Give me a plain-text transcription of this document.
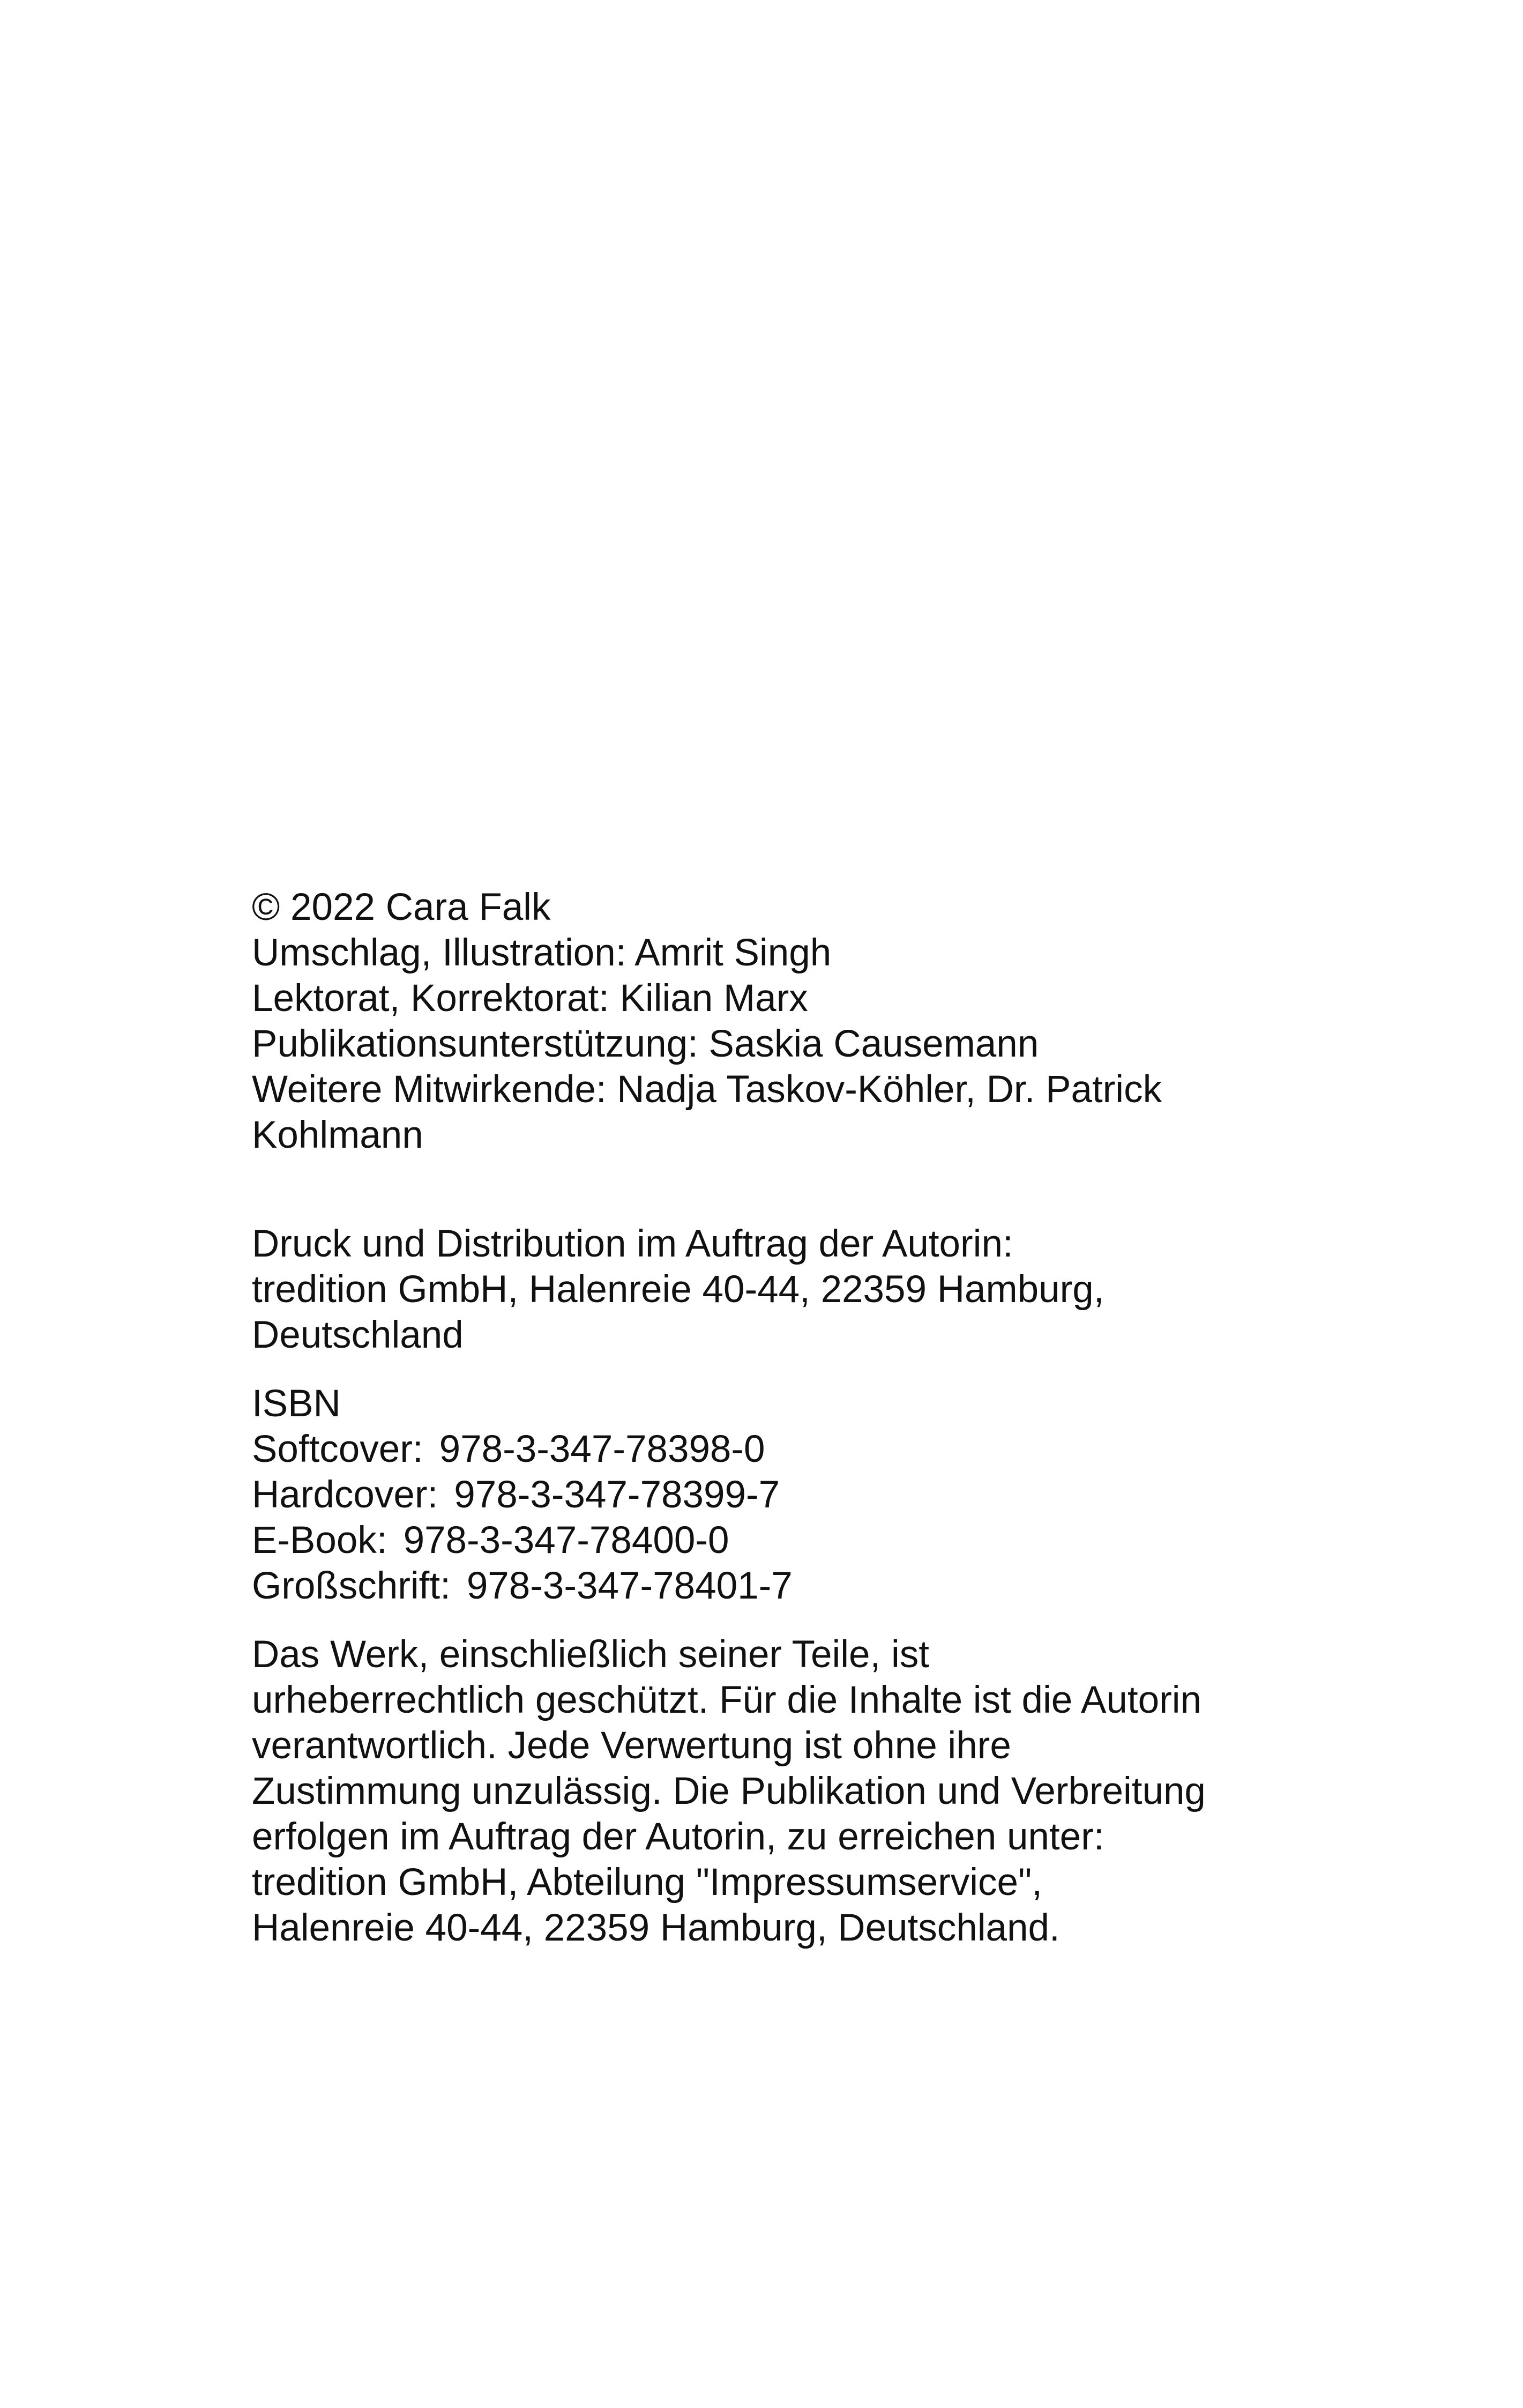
© 2022 Cara Falk

Umschlag, Illustration: Amrit Singh

Lektorat, Korrektorat: Kilian Marx

Publikationsunterstützung: Saskia Causemann

Weitere Mitwirkende: Nadja Taskov-Köhler, Dr. Patrick

Kohlmann

Druck und Distribution im Auftrag der Autorin:

tredition GmbH, Halenreie 40-44, 22359 Hamburg,

Deutschland

ISBN

Softcover: 978-3-347-78398-0

Hardcover: 978-3-347-78399-7

E-Book: 978-3-347-78400-0

Großschrift: 978-3-347-78401-7

Das Werk, einschließlich seiner Teile, ist

urheberrechtlich geschützt. Für die Inhalte ist die Autorin

verantwortlich. Jede Verwertung ist ohne ihre

Zustimmung unzulässig. Die Publikation und Verbreitung

erfolgen im Auftrag der Autorin, zu erreichen unter:

tredition GmbH, Abteilung "Impressumservice",

Halenreie 40-44, 22359 Hamburg, Deutschland.
